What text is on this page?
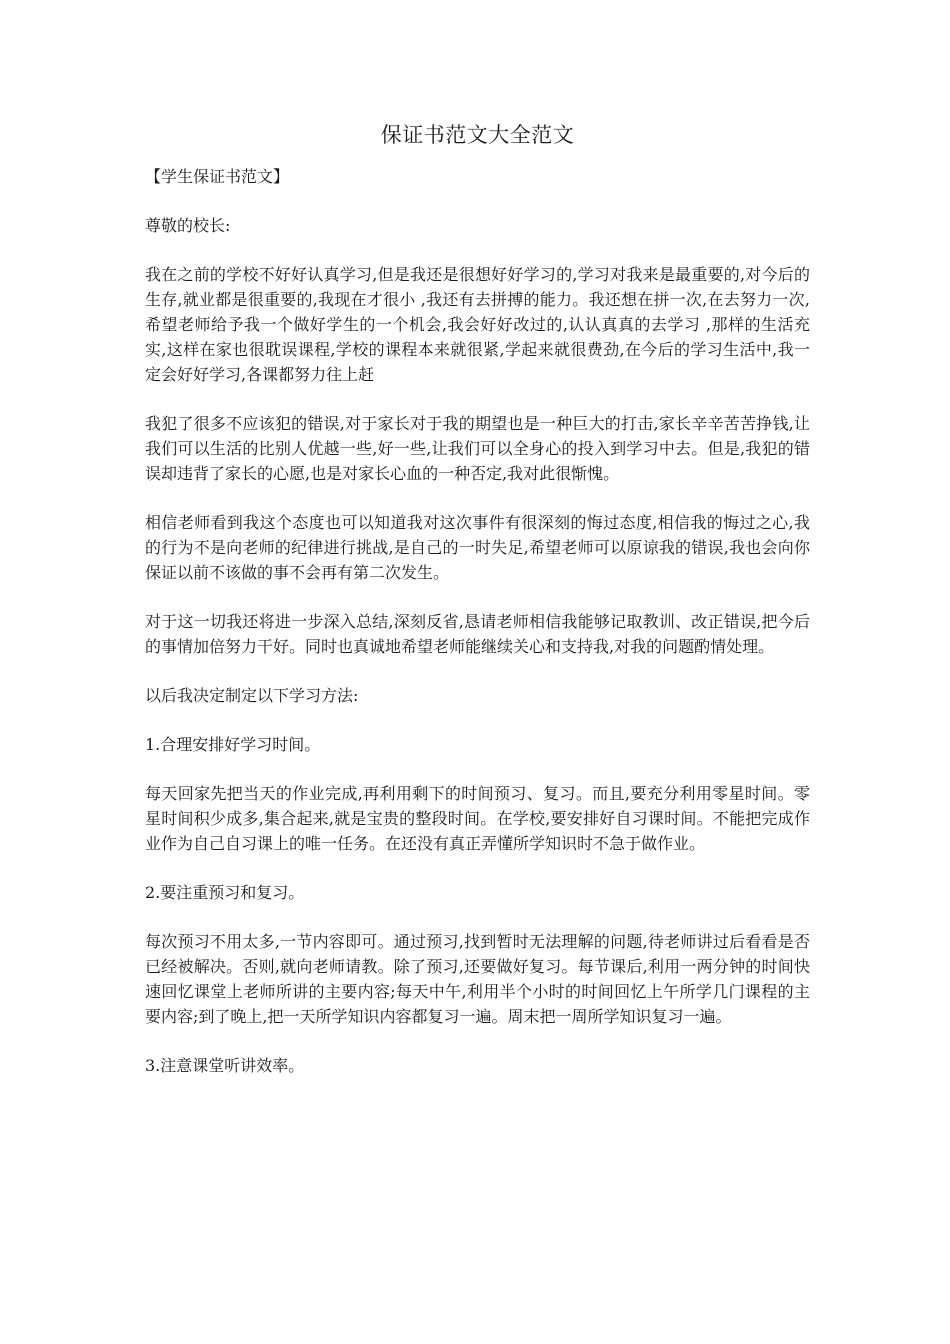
保证书范文大全范文

【学生保证书范文】

尊敬的校长:

我在之前的学校不好好认真学习,但是我还是很想好好学习的,学习对我来是最重要的,对今后的生存,就业都是很重要的,我现在才很小 ,我还有去拼搏的能力。我还想在拼一次,在去努力一次,希望老师给予我一个做好学生的一个机会,我会好好改过的,认认真真的去学习 ,那样的生活充实,这样在家也很耽误课程,学校的课程本来就很紧,学起来就很费劲,在今后的学习生活中,我一定会好好学习,各课都努力往上赶

我犯了很多不应该犯的错误,对于家长对于我的期望也是一种巨大的打击,家长辛辛苦苦挣钱,让我们可以生活的比别人优越一些,好一些,让我们可以全身心的投入到学习中去。但是,我犯的错误却违背了家长的心愿,也是对家长心血的一种否定,我对此很惭愧。

相信老师看到我这个态度也可以知道我对这次事件有很深刻的悔过态度,相信我的悔过之心,我的行为不是向老师的纪律进行挑战,是自己的一时失足,希望老师可以原谅我的错误,我也会向你保证以前不该做的事不会再有第二次发生。

对于这一切我还将进一步深入总结,深刻反省,恳请老师相信我能够记取教训、改正错误,把今后的事情加倍努力干好。同时也真诚地希望老师能继续关心和支持我,对我的问题酌情处理。

以后我决定制定以下学习方法:

1.合理安排好学习时间。

每天回家先把当天的作业完成,再利用剩下的时间预习、复习。而且,要充分利用零星时间。零星时间积少成多,集合起来,就是宝贵的整段时间。在学校,要安排好自习课时间。不能把完成作业作为自己自习课上的唯一任务。在还没有真正弄懂所学知识时不急于做作业。

2.要注重预习和复习。

每次预习不用太多,一节内容即可。通过预习,找到暂时无法理解的问题,待老师讲过后看看是否已经被解决。否则,就向老师请教。除了预习,还要做好复习。每节课后,利用一两分钟的时间快速回忆课堂上老师所讲的主要内容;每天中午,利用半个小时的时间回忆上午所学几门课程的主要内容;到了晚上,把一天所学知识内容都复习一遍。周末把一周所学知识复习一遍。

3.注意课堂听讲效率。
